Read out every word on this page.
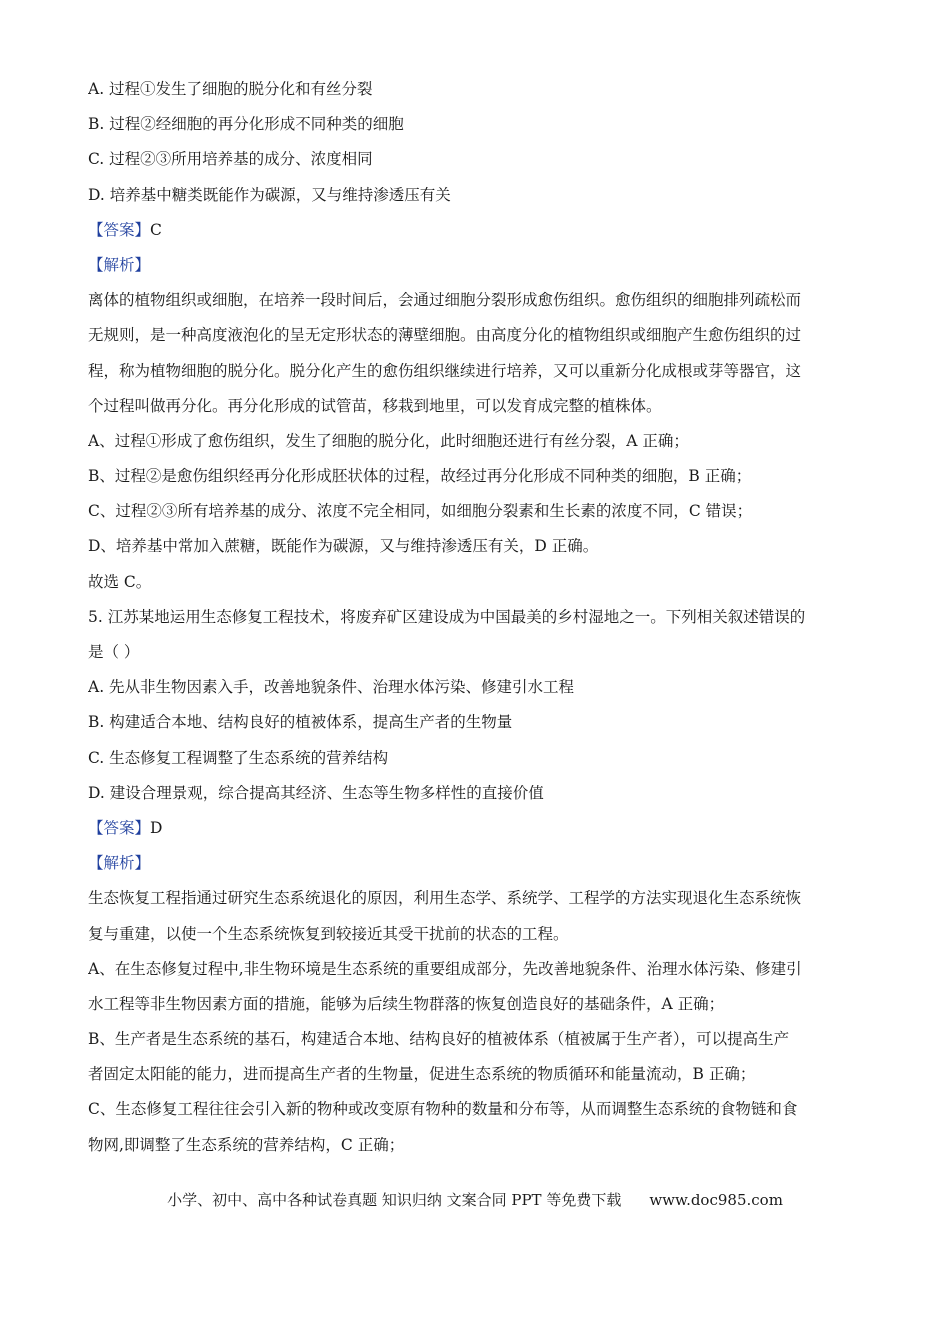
A. 过程①发生了细胞的脱分化和有丝分裂
B. 过程②经细胞的再分化形成不同种类的细胞
C. 过程②③所用培养基的成分、浓度相同
D. 培养基中糖类既能作为碳源，又与维持渗透压有关
【答案】C
【解析】
离体的植物组织或细胞，在培养一段时间后，会通过细胞分裂形成愈伤组织。愈伤组织的细胞排列疏松而
无规则，是一种高度液泡化的呈无定形状态的薄壁细胞。由高度分化的植物组织或细胞产生愈伤组织的过
程，称为植物细胞的脱分化。脱分化产生的愈伤组织继续进行培养，又可以重新分化成根或芽等器官，这
个过程叫做再分化。再分化形成的试管苗，移栽到地里，可以发育成完整的植株体。
A、过程①形成了愈伤组织，发生了细胞的脱分化，此时细胞还进行有丝分裂，A 正确；
B、过程②是愈伤组织经再分化形成胚状体的过程，故经过再分化形成不同种类的细胞，B 正确；
C、过程②③所有培养基的成分、浓度不完全相同，如细胞分裂素和生长素的浓度不同，C 错误；
D、培养基中常加入蔗糖，既能作为碳源，又与维持渗透压有关，D 正确。
故选 C。
5. 江苏某地运用生态修复工程技术，将废弃矿区建设成为中国最美的乡村湿地之一。下列相关叙述错误的
是（ ）
A. 先从非生物因素入手，改善地貌条件、治理水体污染、修建引水工程
B. 构建适合本地、结构良好的植被体系，提高生产者的生物量
C. 生态修复工程调整了生态系统的营养结构
D. 建设合理景观，综合提高其经济、生态等生物多样性的直接价值
【答案】D
【解析】
生态恢复工程指通过研究生态系统退化的原因，利用生态学、系统学、工程学的方法实现退化生态系统恢
复与重建，以使一个生态系统恢复到较接近其受干扰前的状态的工程。
A、在生态修复过程中,非生物环境是生态系统的重要组成部分，先改善地貌条件、治理水体污染、修建引
水工程等非生物因素方面的措施，能够为后续生物群落的恢复创造良好的基础条件，A 正确；
B、生产者是生态系统的基石，构建适合本地、结构良好的植被体系（植被属于生产者），可以提高生产
者固定太阳能的能力，进而提高生产者的生物量，促进生态系统的物质循环和能量流动，B 正确；
C、生态修复工程往往会引入新的物种或改变原有物种的数量和分布等，从而调整生态系统的食物链和食
物网,即调整了生态系统的营养结构，C 正确；
小学、初中、高中各种试卷真题 知识归纳 文案合同 PPT 等免费下载 www.doc985.com
